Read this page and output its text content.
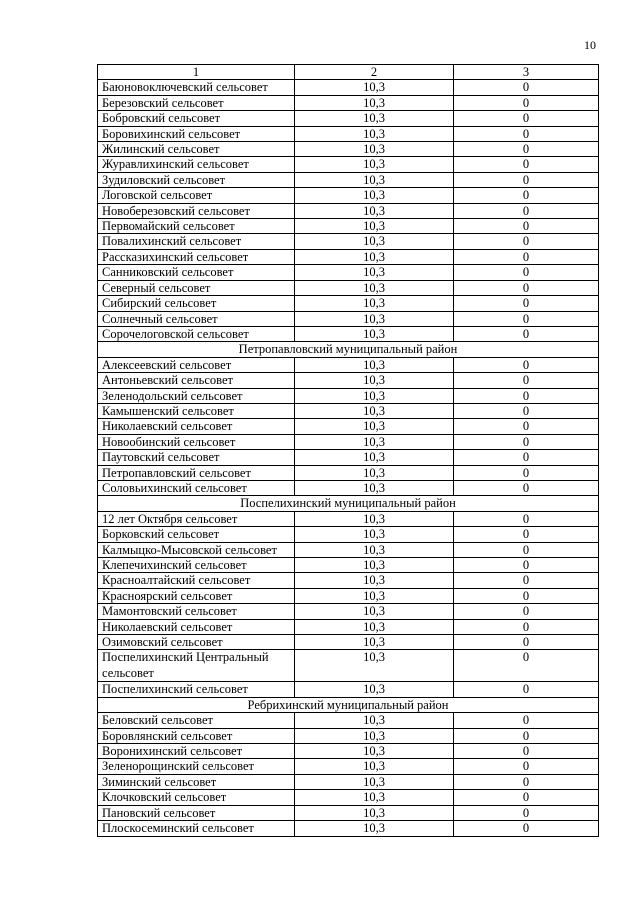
10
1	2	3
Баюновоключевский сельсовет	10,3	0
Березовский сельсовет	10,3	0
Бобровский сельсовет	10,3	0
Боровихинский сельсовет	10,3	0
Жилинский сельсовет	10,3	0
Журавлихинский сельсовет	10,3	0
Зудиловский сельсовет	10,3	0
Логовской сельсовет	10,3	0
Новоберезовский сельсовет	10,3	0
Первомайский сельсовет	10,3	0
Повалихинский сельсовет	10,3	0
Рассказихинский сельсовет	10,3	0
Санниковский сельсовет	10,3	0
Северный сельсовет	10,3	0
Сибирский сельсовет	10,3	0
Солнечный сельсовет	10,3	0
Сорочелоговской сельсовет	10,3	0
Петропавловский муниципальный район		
Алексеевский сельсовет	10,3	0
Антоньевский сельсовет	10,3	0
Зеленодольский сельсовет	10,3	0
Камышенский сельсовет	10,3	0
Николаевский сельсовет	10,3	0
Новообинский сельсовет	10,3	0
Паутовский сельсовет	10,3	0
Петропавловский сельсовет	10,3	0
Соловьихинский сельсовет	10,3	0
Поспелихинский муниципальный район		
12 лет Октября сельсовет	10,3	0
Борковский сельсовет	10,3	0
Калмыцко-Мысовской сельсовет	10,3	0
Клепечихинский сельсовет	10,3	0
Красноалтайский сельсовет	10,3	0
Красноярский сельсовет	10,3	0
Мамонтовский сельсовет	10,3	0
Николаевский сельсовет	10,3	0
Озимовский сельсовет	10,3	0
Поспелихинский Центральный сельсовет	10,3	0
Поспелихинский сельсовет	10,3	0
Ребрихинский муниципальный район		
Беловский сельсовет	10,3	0
Боровлянский сельсовет	10,3	0
Воронихинский сельсовет	10,3	0
Зеленорощинский сельсовет	10,3	0
Зиминский сельсовет	10,3	0
Клочковский сельсовет	10,3	0
Пановский сельсовет	10,3	0
Плоскосеминский сельсовет	10,3	0
